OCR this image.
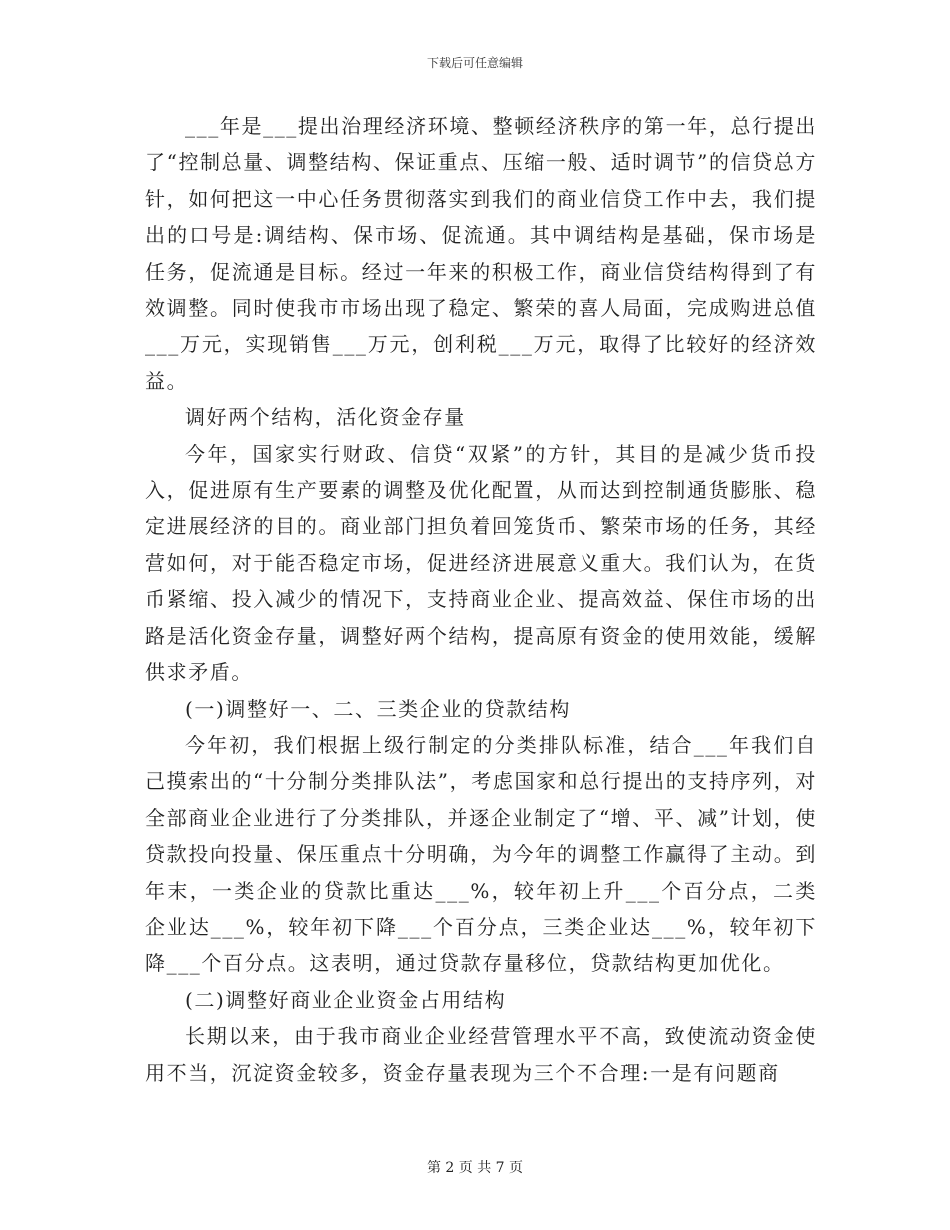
下载后可任意编辑

___年是___提出治理经济环境、整顿经济秩序的第一年，总行提出了“控制总量、调整结构、保证重点、压缩一般、适时调节”的信贷总方针，如何把这一中心任务贯彻落实到我们的商业信贷工作中去，我们提出的口号是:调结构、保市场、促流通。其中调结构是基础，保市场是任务，促流通是目标。经过一年来的积极工作，商业信贷结构得到了有效调整。同时使我市市场出现了稳定、繁荣的喜人局面，完成购进总值___万元，实现销售___万元，创利税___万元，取得了比较好的经济效益。

调好两个结构，活化资金存量

今年，国家实行财政、信贷“双紧”的方针，其目的是减少货币投入，促进原有生产要素的调整及优化配置，从而达到控制通货膨胀、稳定进展经济的目的。商业部门担负着回笼货币、繁荣市场的任务，其经营如何，对于能否稳定市场，促进经济进展意义重大。我们认为，在货币紧缩、投入减少的情况下，支持商业企业、提高效益、保住市场的出路是活化资金存量，调整好两个结构，提高原有资金的使用效能，缓解供求矛盾。

(一)调整好一、二、三类企业的贷款结构

今年初，我们根据上级行制定的分类排队标准，结合___年我们自己摸索出的“十分制分类排队法”，考虑国家和总行提出的支持序列，对全部商业企业进行了分类排队，并逐企业制定了“增、平、减”计划，使贷款投向投量、保压重点十分明确，为今年的调整工作赢得了主动。到年末，一类企业的贷款比重达___%，较年初上升___个百分点，二类企业达___%，较年初下降___个百分点，三类企业达___%，较年初下降___个百分点。这表明，通过贷款存量移位，贷款结构更加优化。

(二)调整好商业企业资金占用结构

长期以来，由于我市商业企业经营管理水平不高，致使流动资金使用不当，沉淀资金较多，资金存量表现为三个不合理:一是有问题商

第 2 页 共 7 页
